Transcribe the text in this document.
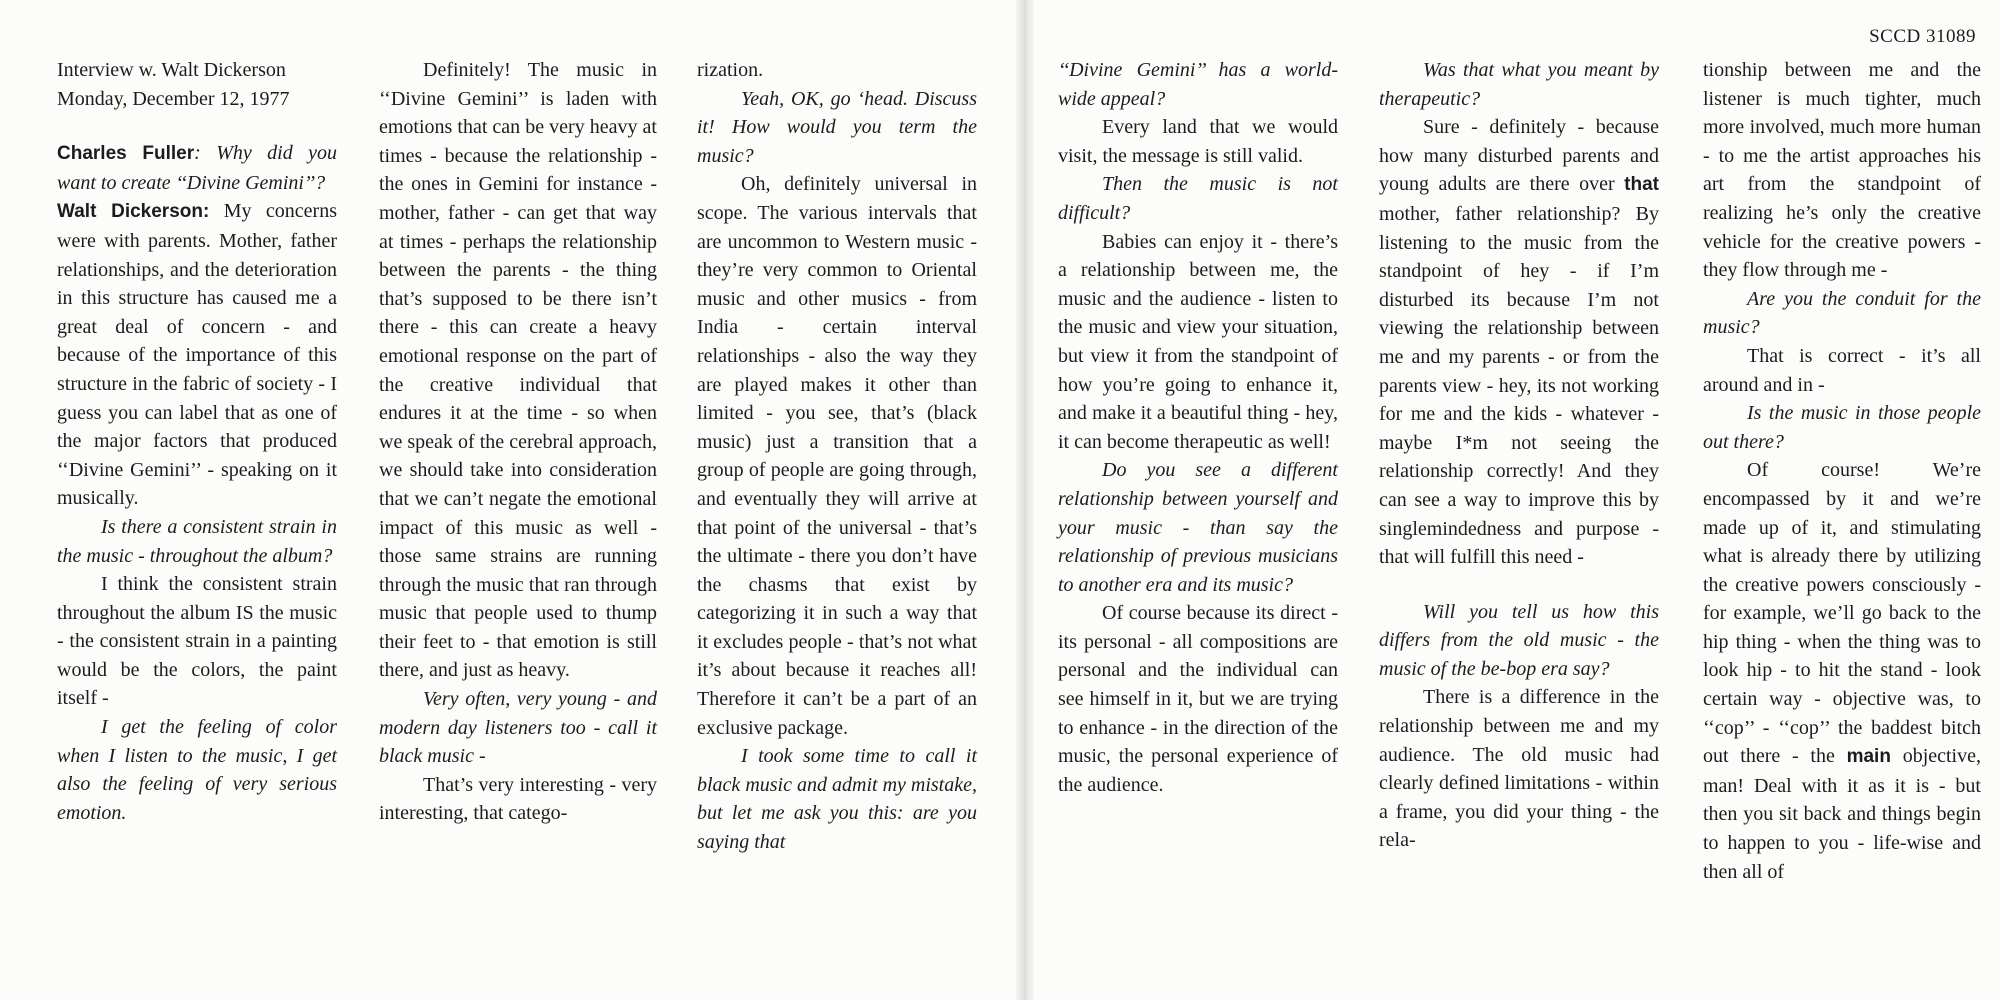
SCCD 31089

Interview w. Walt Dickerson
Monday, December 12, 1977

Charles Fuller: Why did you want to create ‘‘Divine Gemini’’?

Walt Dickerson: My concerns were with parents. Mother, father relationships, and the deterioration in this structure has caused me a great deal of concern - and because of the importance of this structure in the fabric of society - I guess you can label that as one of the major factors that produced ‘‘Divine Gemini’’ - speaking on it musically.

Is there a consistent strain in the music - throughout the album?

I think the consistent strain throughout the album IS the music - the consistent strain in a painting would be the colors, the paint itself -

I get the feeling of color when I listen to the music, I get also the feeling of very serious emotion.

Definitely! The music in ‘‘Divine Gemini’’ is laden with emotions that can be very heavy at times - because the relationship - the ones in Gemini for instance - mother, father - can get that way at times - perhaps the relationship between the parents - the thing that’s supposed to be there isn’t there - this can create a heavy emotional response on the part of the creative individual that endures it at the time - so when we speak of the cerebral approach, we should take into consideration that we can’t negate the emotional impact of this music as well - those same strains are running through the music that ran through music that people used to thump their feet to - that emotion is still there, and just as heavy.

Very often, very young - and modern day listeners too - call it black music -

That’s very interesting - very interesting, that catego-

rization.

Yeah, OK, go ‘head. Discuss it! How would you term the music?

Oh, definitely universal in scope. The various intervals that are uncommon to Western music - they’re very common to Oriental music and other musics - from India - certain interval relationships - also the way they are played makes it other than limited - you see, that’s (black music) just a transition that a group of people are going through, and eventually they will arrive at that point of the universal - that’s the ultimate - there you don’t have the chasms that exist by categorizing it in such a way that it excludes people - that’s not what it’s about because it reaches all! Therefore it can’t be a part of an exclusive package.

I took some time to call it black music and admit my mistake, but let me ask you this: are you saying that

‘‘Divine Gemini’’ has a world-wide appeal?

Every land that we would visit, the message is still valid.

Then the music is not difficult?

Babies can enjoy it - there’s a relationship between me, the music and the audience - listen to the music and view your situation, but view it from the standpoint of how you’re going to enhance it, and make it a beautiful thing - hey, it can become therapeutic as well!

Do you see a different relationship between yourself and your music - than say the relationship of previous musicians to another era and its music?

Of course because its direct - its personal - all compositions are personal and the individual can see himself in it, but we are trying to enhance - in the direction of the music, the personal experience of the audience.

Was that what you meant by therapeutic?

Sure - definitely - because how many disturbed parents and young adults are there over that mother, father relationship? By listening to the music from the standpoint of hey - if I’m disturbed its because I’m not viewing the relationship between me and my parents - or from the parents view - hey, its not working for me and the kids - whatever - maybe I*m not seeing the relationship correctly! And they can see a way to improve this by singlemindedness and purpose - that will fulfill this need -

Will you tell us how this differs from the old music - the music of the be-bop era say?

There is a difference in the relationship between me and my audience. The old music had clearly defined limitations - within a frame, you did your thing - the rela-

tionship between me and the listener is much tighter, much more involved, much more human - to me the artist approaches his art from the standpoint of realizing he’s only the creative vehicle for the creative powers - they flow through me -

Are you the conduit for the music?

That is correct - it’s all around and in -

Is the music in those people out there?

Of course! We’re encompassed by it and we’re made up of it, and stimulating what is already there by utilizing the creative powers consciously - for example, we’ll go back to the hip thing - when the thing was to look hip - to hit the stand - look certain way - objective was, to ‘‘cop’’ - ‘‘cop’’ the baddest bitch out there - the main objective, man! Deal with it as it is - but then you sit back and things begin to happen to you - life-wise and then all of
